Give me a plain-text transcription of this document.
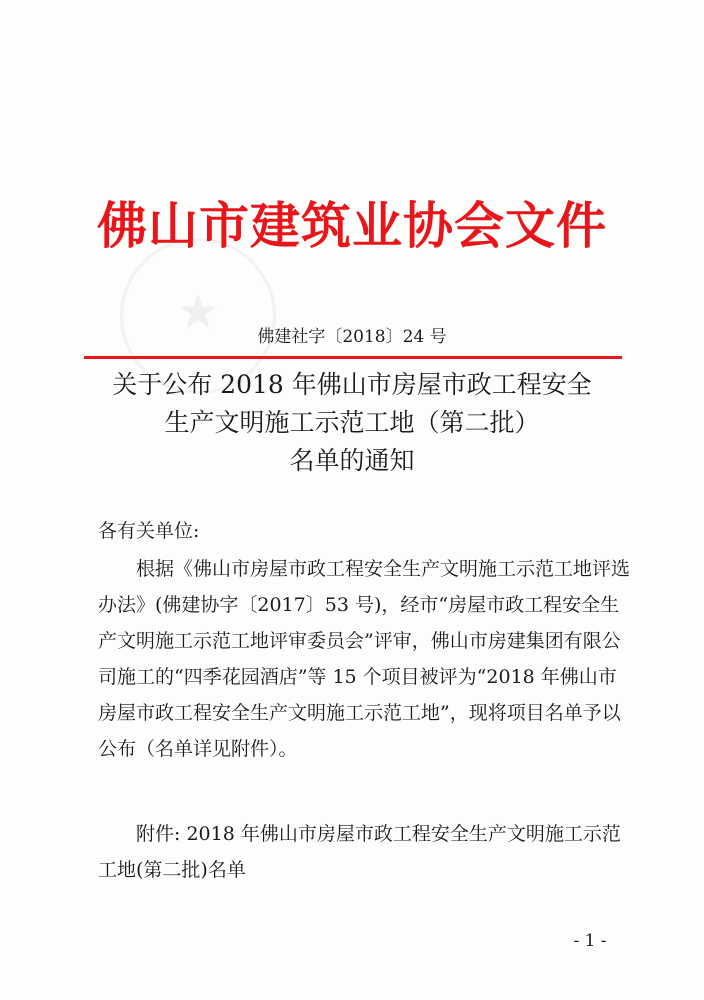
★
佛山市建筑业协会文件
佛建社字〔2018〕24 号
关于公布 2018 年佛山市房屋市政工程安全
生产文明施工示范工地（第二批）
名单的通知
各有关单位:
　　根据《佛山市房屋市政工程安全生产文明施工示范工地评选
办法》(佛建协字〔2017〕53 号)，经市“房屋市政工程安全生
产文明施工示范工地评审委员会”评审，佛山市房建集团有限公
司施工的“四季花园酒店”等 15 个项目被评为“2018 年佛山市
房屋市政工程安全生产文明施工示范工地”，现将项目名单予以
公布（名单详见附件）。
　　附件: 2018 年佛山市房屋市政工程安全生产文明施工示范
工地(第二批)名单
- 1 -
